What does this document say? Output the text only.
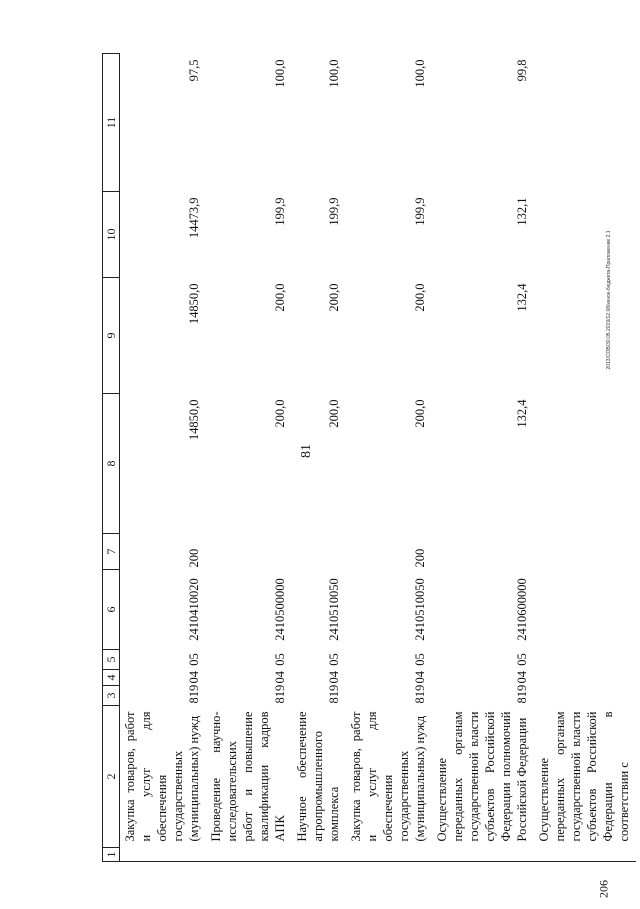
81
2013/СОВ/30.05.2019/12.08/кенок-бюджета-Приложение 2.1
206
1	2	3	4	5	6	7	8	9	10	11
	Закупка товаров, работ и услуг для обеспечения государственных (муниципальных) нужд	819	04	05	2410410020	200	14850,0	14850,0	14473,9	97,5
	Проведение научно-исследовательских работ и повышение квалификации кадров АПК	819	04	05	2410500000		200,0	200,0	199,9	100,0
	Научное обеспечение агропромышленного комплекса	819	04	05	2410510050		200,0	200,0	199,9	100,0
	Закупка товаров, работ и услуг для обеспечения государственных (муниципальных) нужд	819	04	05	2410510050	200	200,0	200,0	199,9	100,0
	Осуществление переданных органам государственной власти субъектов Российской Федерации полномочий Российской Федерации	819	04	05	2410600000		132,4	132,4	132,1	99,8
	Осуществление переданных органам государственной власти субъектов Российской Федерации в соответствии с									
